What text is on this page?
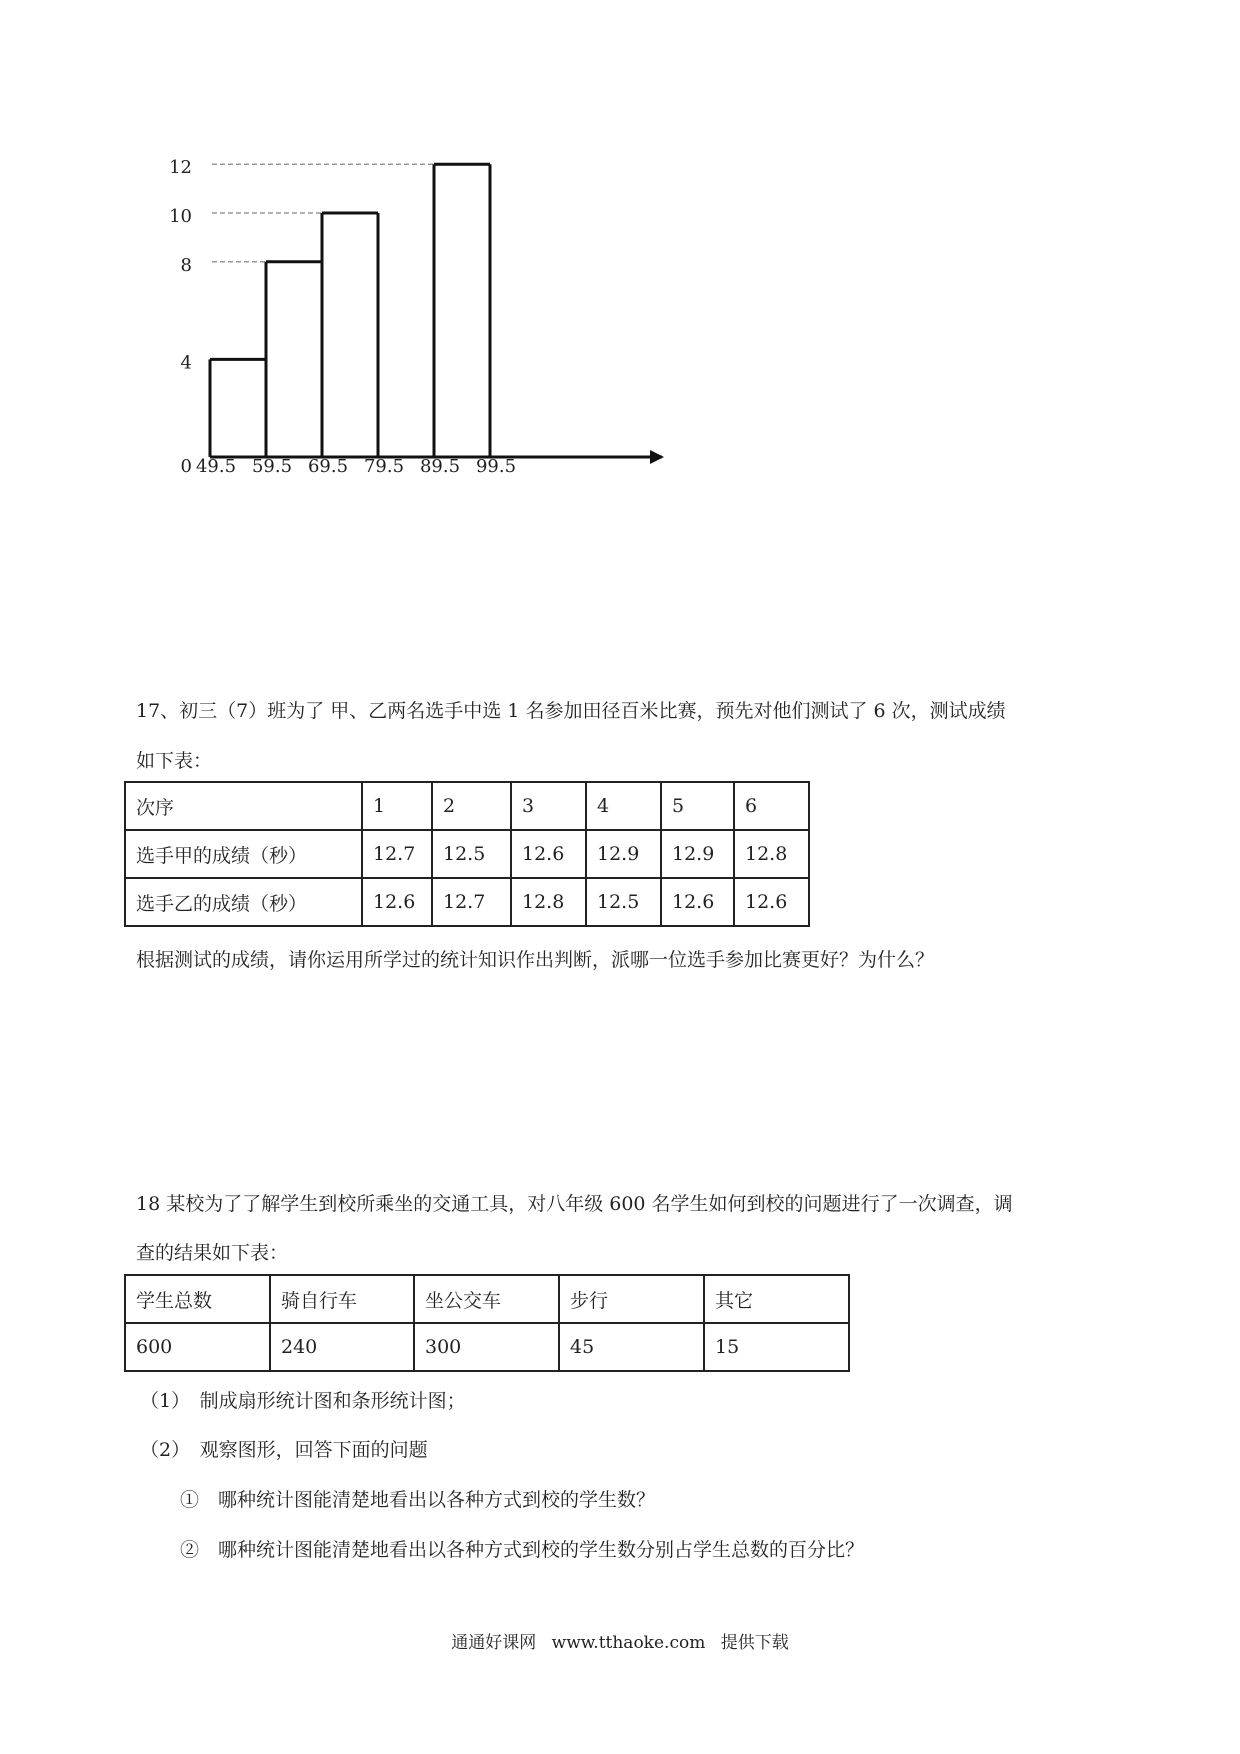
0 49.5 59.5 69.5 79.5 89.5 99.5
4
8
10
12
17、初三（7）班为了 甲、乙两名选手中选 1 名参加田径百米比赛，预先对他们测试了 6 次，测试成绩
如下表：
次序	1	2	3	4	5	6
选手甲的成绩（秒）	12.7	12.5	12.6	12.9	12.9	12.8
选手乙的成绩（秒）	12.6	12.7	12.8	12.5	12.6	12.6
根据测试的成绩，请你运用所学过的统计知识作出判断，派哪一位选手参加比赛更好？为什么？
18 某校为了了解学生到校所乘坐的交通工具，对八年级 600 名学生如何到校的问题进行了一次调查，调
查的结果如下表：
学生总数	骑自行车	坐公交车	步行	其它
600	240	300	45	15
（1）　制成扇形统计图和条形统计图；
（2）　观察图形，回答下面的问题
①　哪种统计图能清楚地看出以各种方式到校的学生数？
②　哪种统计图能清楚地看出以各种方式到校的学生数分别占学生总数的百分比？
通通好课网 www.tthaoke.com 提供下载
